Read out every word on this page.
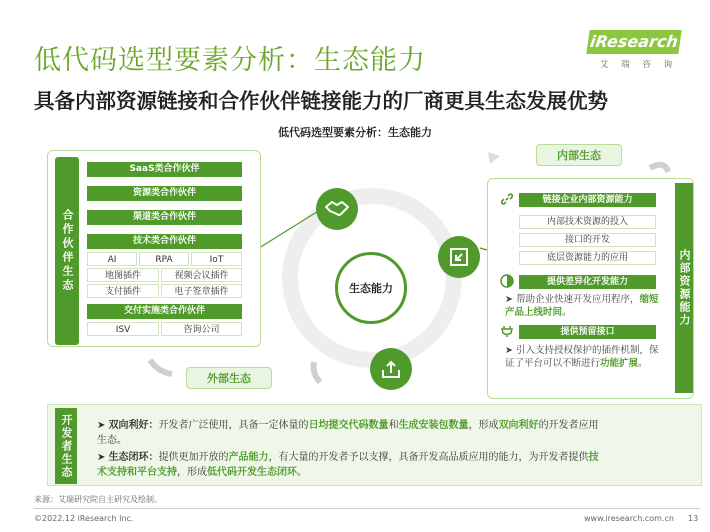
低代码选型要素分析：生态能力
iResearch
艾 瑞 咨 询
具备内部资源链接和合作伙伴链接能力的厂商更具生态发展优势
低代码选型要素分析：生态能力
合作伙伴生态
SaaS类合作伙伴
资源类合作伙伴
渠道类合作伙伴
技术类合作伙伴
AI	RPA	IoT
地图插件	视频会议插件
支付插件	电子签章插件
交付实施类合作伙伴
ISV	咨询公司
外部生态
生态能力	内部资源能力
内部生态
链接企业内部资源能力
内部技术资源的投入
接口的开发
底层资源能力的应用
提供差异化开发能力
➤ 帮助企业快速开发应用程序，缩短产品上线时间。
提供预留接口
➤ 引入支持授权保护的插件机制，保证了平台可以不断进行功能扩展。
开发者生态	➤ 双向利好：开发者广泛使用，具备一定体量的日均提交代码数量和生成安装包数量，形成双向利好的开发者应用生态。
➤ 生态闭环：提供更加开放的产品能力，有大量的开发者予以支撑，具备开发高品质应用的能力，为开发者提供技术支持和平台支持，形成低代码开发生态闭环。
来源：艾瑞研究院自主研究及绘制。
©2022.12 iResearch Inc.	www.iresearch.com.cn 13
